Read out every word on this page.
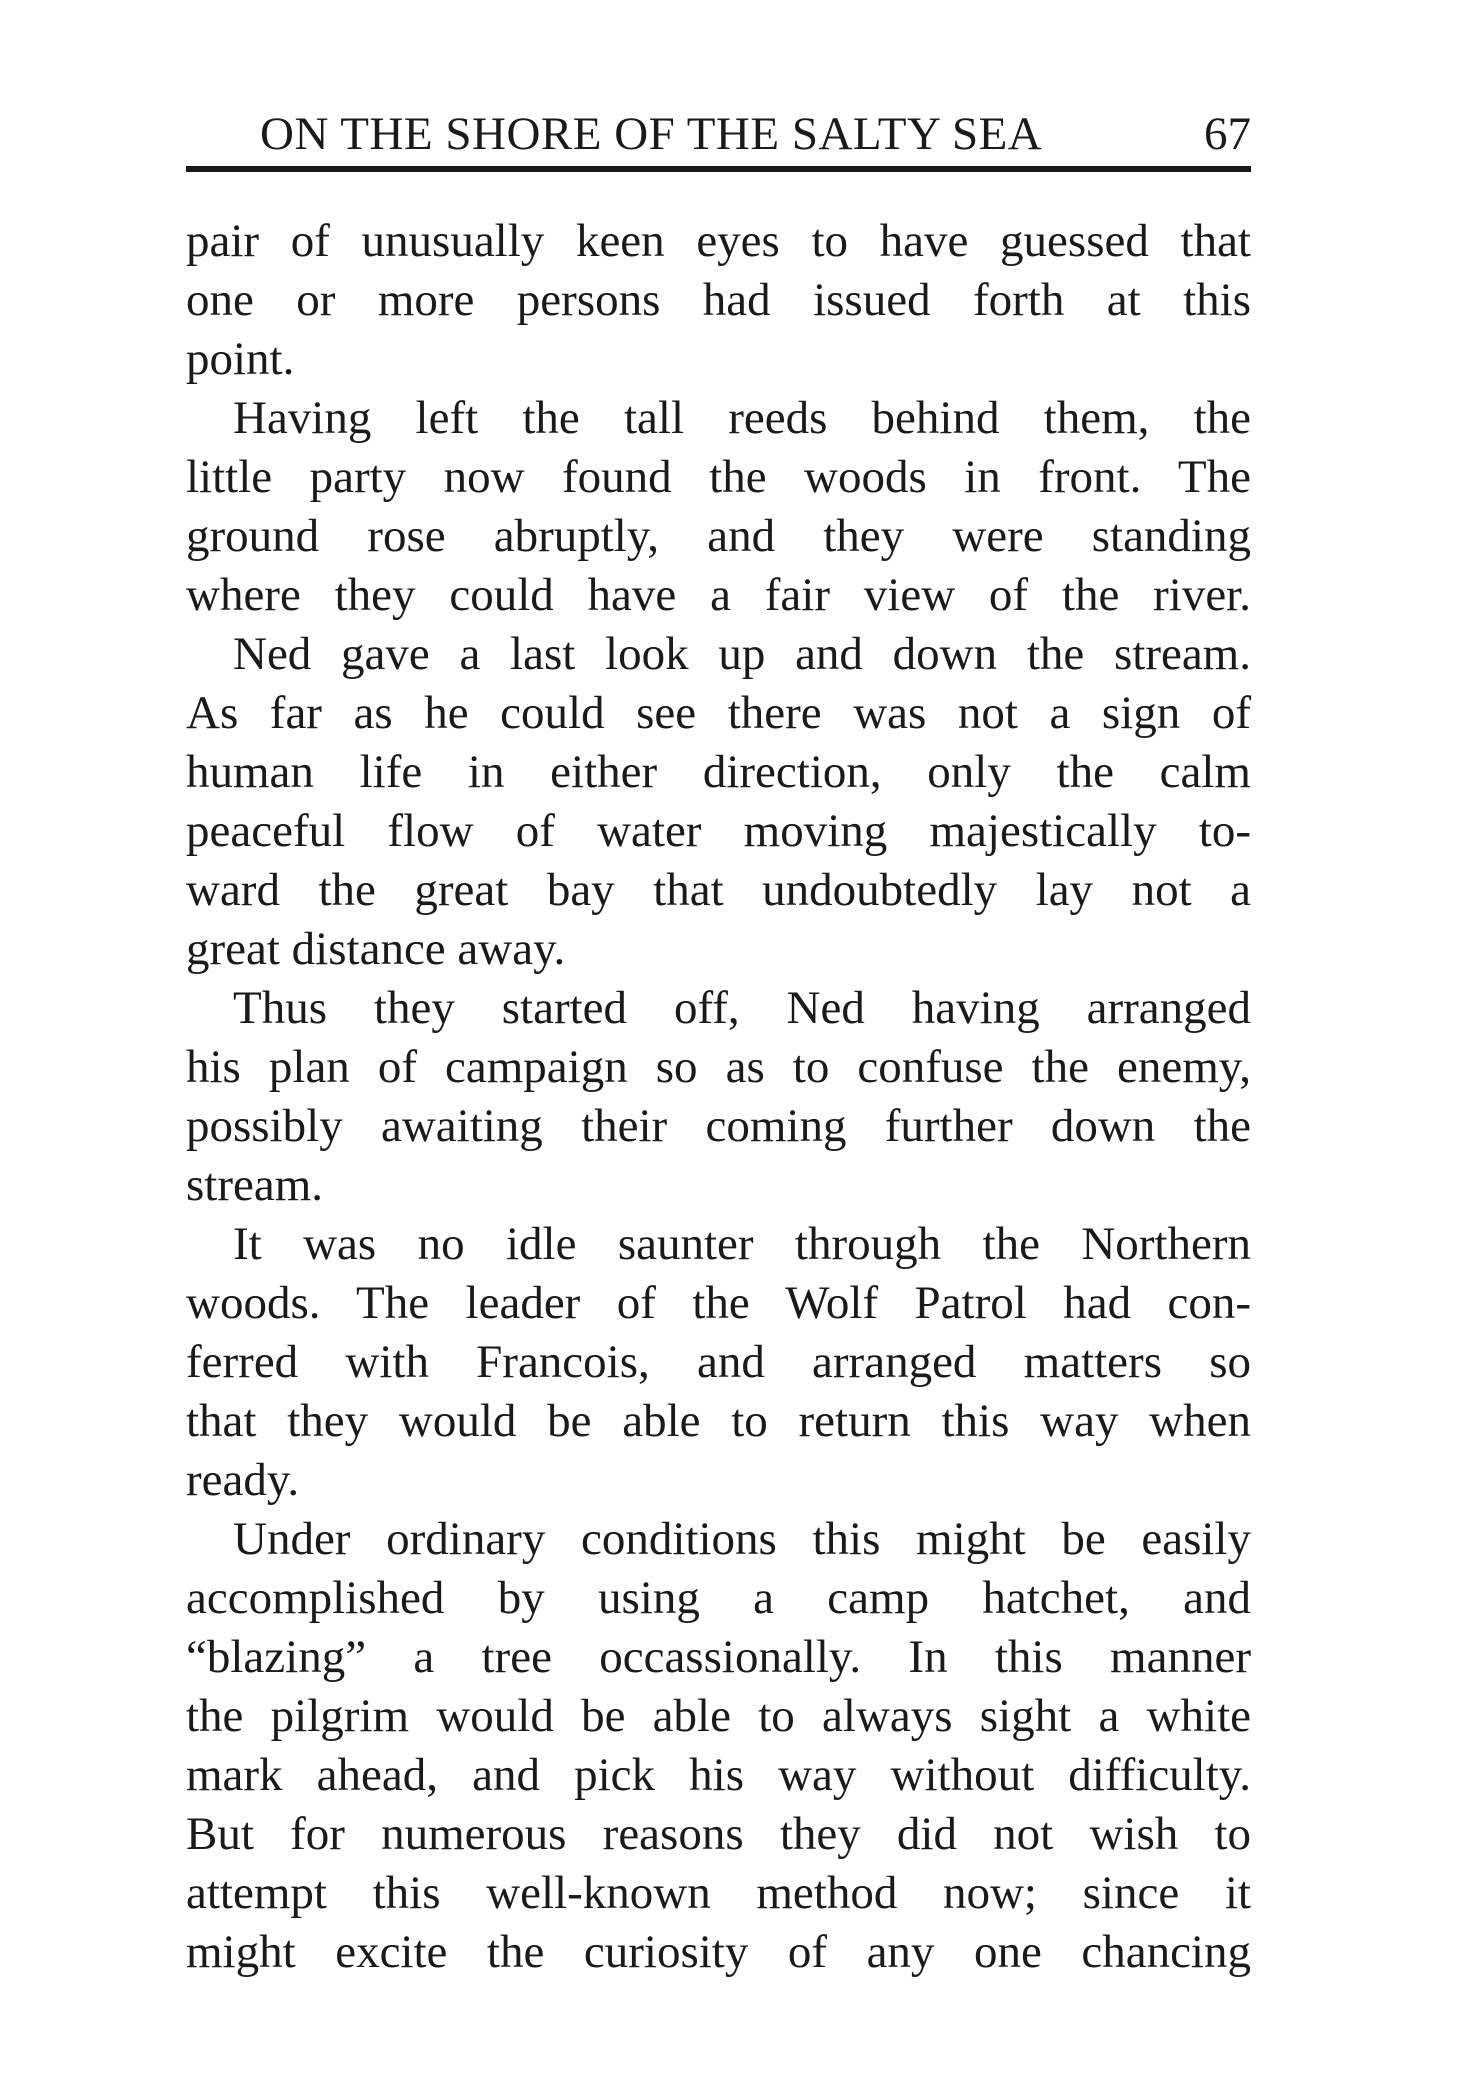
ON THE SHORE OF THE SALTY SEA	67
pair of unusually keen eyes to have guessed that
one or more persons had issued forth at this
point.
Having left the tall reeds behind them, the
little party now found the woods in front. The
ground rose abruptly, and they were standing
where they could have a fair view of the river.
Ned gave a last look up and down the stream.
As far as he could see there was not a sign of
human life in either direction, only the calm
peaceful flow of water moving majestically to-
ward the great bay that undoubtedly lay not a
great distance away.
Thus they started off, Ned having arranged
his plan of campaign so as to confuse the enemy,
possibly awaiting their coming further down the
stream.
It was no idle saunter through the Northern
woods. The leader of the Wolf Patrol had con-
ferred with Francois, and arranged matters so
that they would be able to return this way when
ready.
Under ordinary conditions this might be easily
accomplished by using a camp hatchet, and
“blazing” a tree occassionally. In this manner
the pilgrim would be able to always sight a white
mark ahead, and pick his way without difficulty.
But for numerous reasons they did not wish to
attempt this well-known method now; since it
might excite the curiosity of any one chancing
